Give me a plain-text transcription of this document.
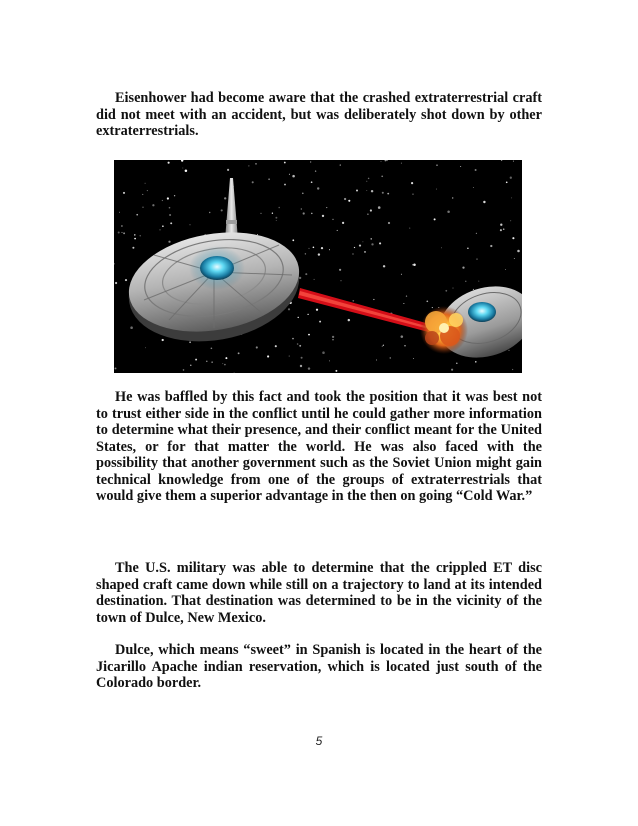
Eisenhower had become aware that the crashed extraterrestrial craft did not meet with an accident, but was deliberately shot down by other extraterrestrials.

He was baffled by this fact and took the position that it was best not to trust either side in the conflict until he could gather more information to determine what their presence, and their conflict meant for the United States, or for that matter the world. He was also faced with the possibility that another government such as the Soviet Union might gain technical knowledge from one of the groups of extraterrestrials that would give them a superior advantage in the then on going “Cold War.”

The U.S. military was able to determine that the crippled ET disc shaped craft came down while still on a trajectory to land at its intended destination. That destination was determined to be in the vicinity of the town of Dulce, New Mexico.

Dulce, which means “sweet” in Spanish is located in the heart of the Jicarillo Apache indian reservation, which is located just south of the Colorado border.

5
